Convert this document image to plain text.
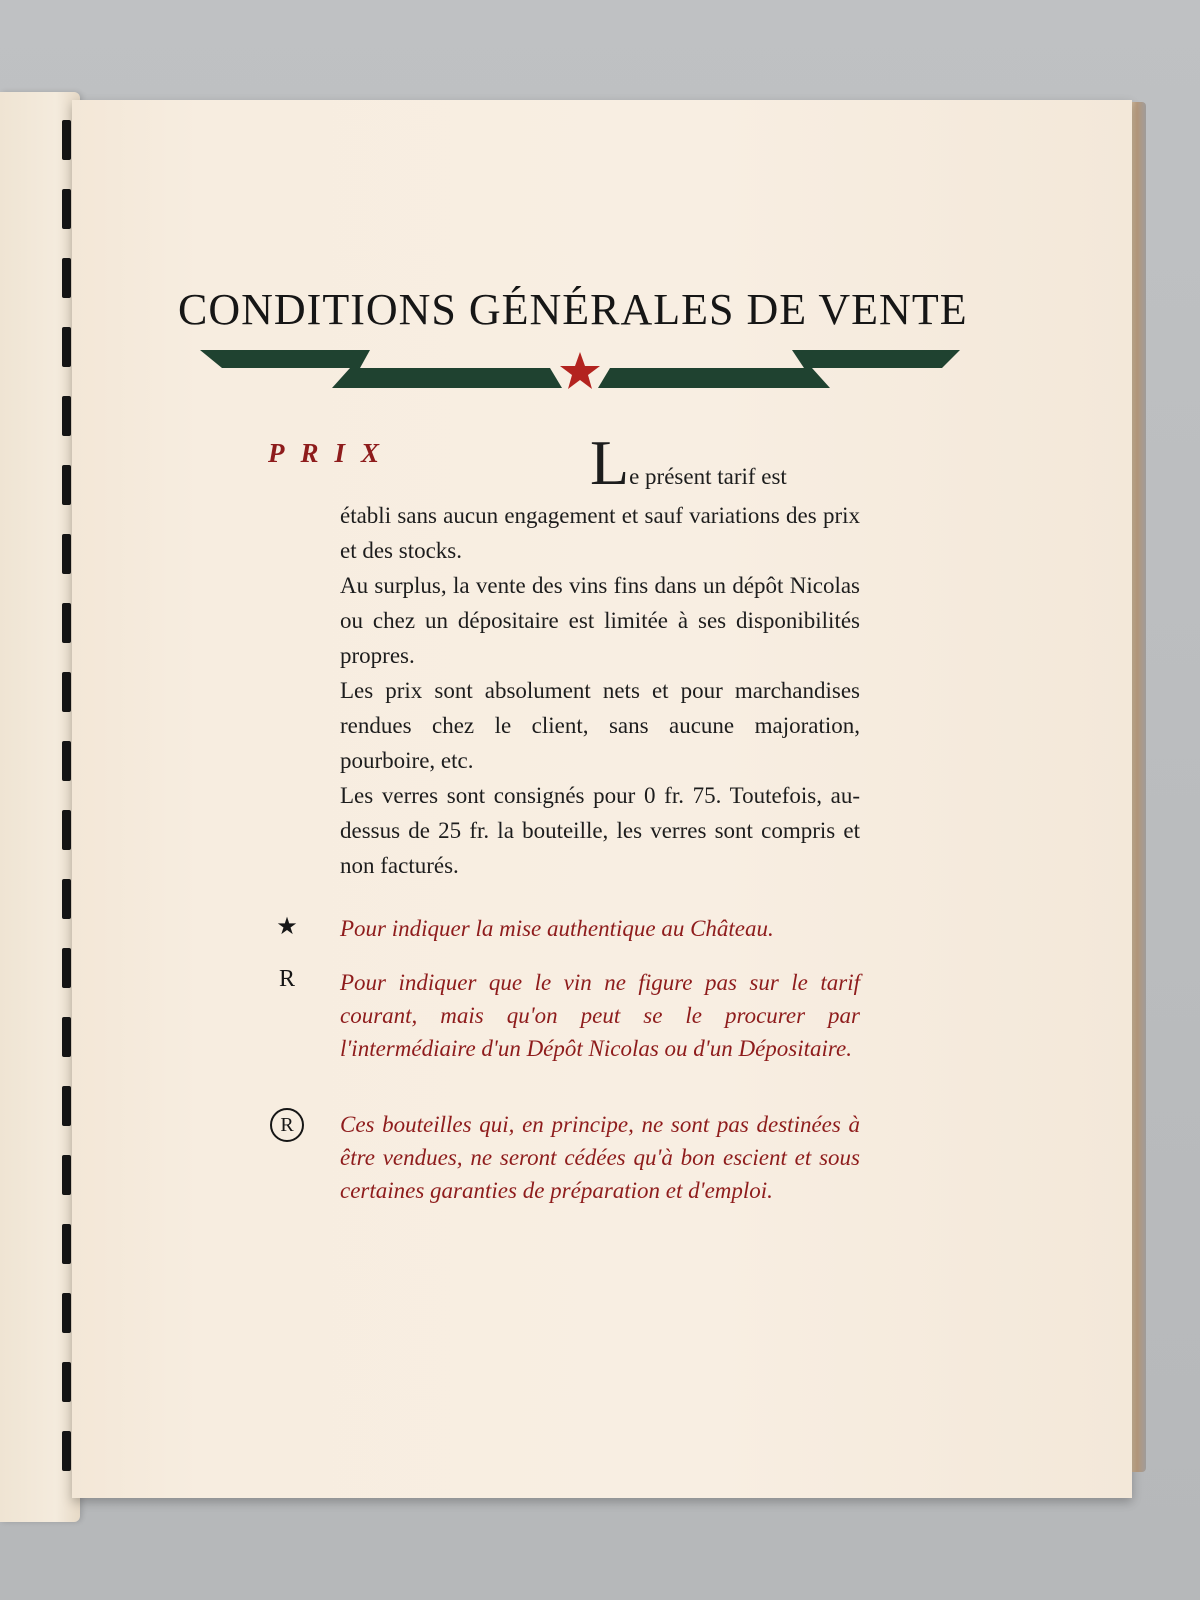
CONDITIONS GÉNÉRALES DE VENTE
PRIX	Le présent tarif est
établi sans aucun engagement et sauf variations des prix et des stocks.

Au surplus, la vente des vins fins dans un dépôt Nicolas ou chez un dépositaire est limitée à ses disponibilités propres.

Les prix sont absolument nets et pour marchandises rendues chez le client, sans aucune majoration, pourboire, etc.

Les verres sont consignés pour 0 fr. 75. Toutefois, au-dessus de 25 fr. la bouteille, les verres sont compris et non facturés.

★ Pour indiquer la mise authentique au Château.
R	Pour indiquer que le vin ne figure pas sur le tarif courant, mais qu'on peut se le procurer par l'intermédiaire d'un Dépôt Nicolas ou d'un Dépositaire.
R	Ces bouteilles qui, en principe, ne sont pas destinées à être vendues, ne seront cédées qu'à bon escient et sous certaines garanties de préparation et d'emploi.
